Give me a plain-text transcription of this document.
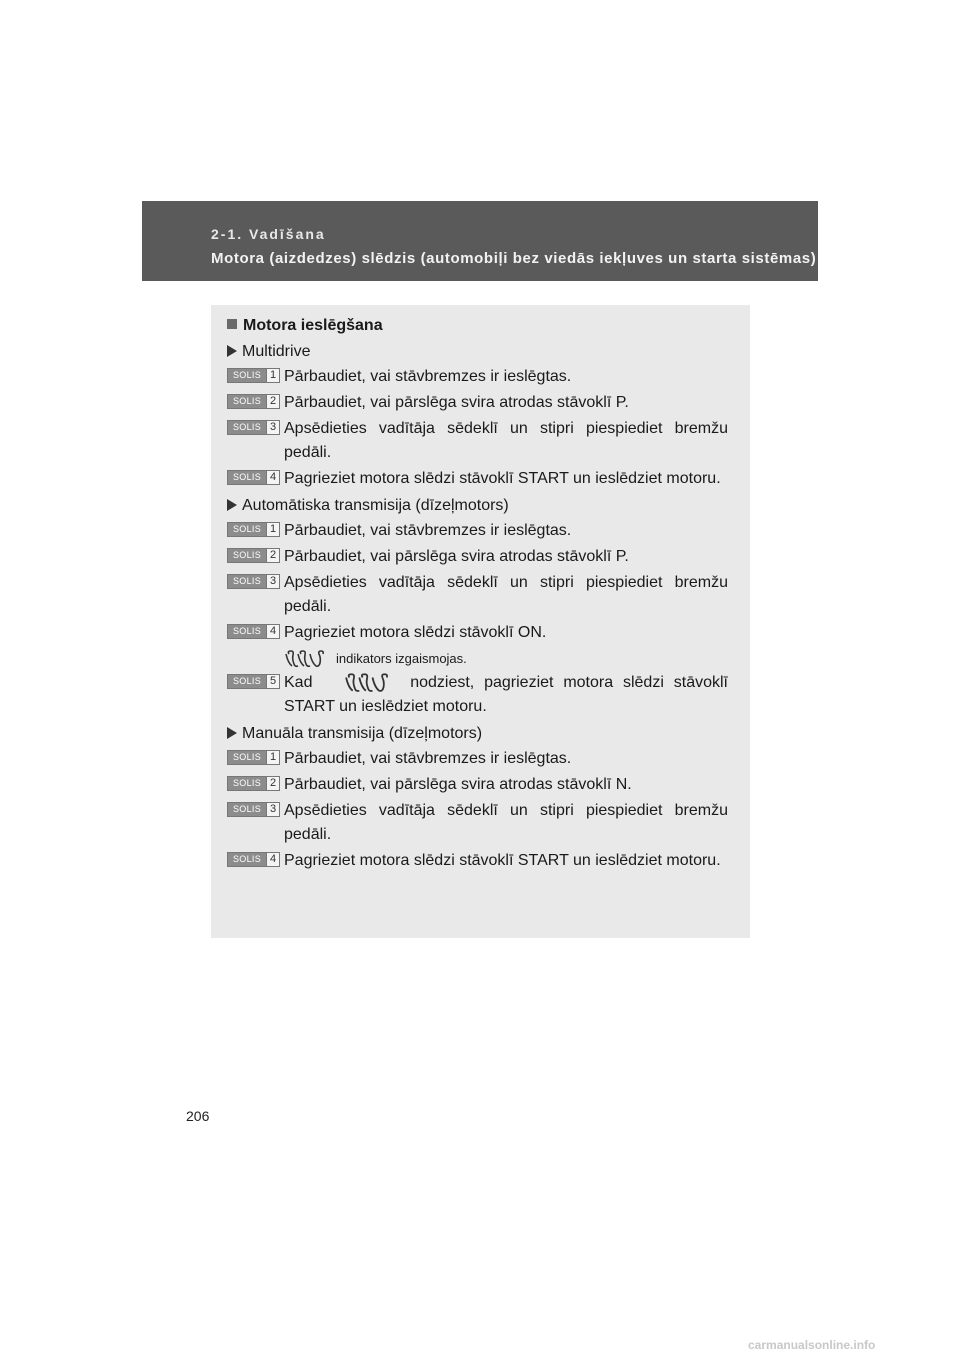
2-1. Vadīšana
Motora (aizdedzes) slēdzis (automobiļi bez viedās iekļuves un starta sistēmas)
Motora ieslēgšana
Multidrive
SOLIS 1 Pārbaudiet, vai stāvbremzes ir ieslēgtas.
SOLIS 2 Pārbaudiet, vai pārslēga svira atrodas stāvoklī P.
SOLIS 3 Apsēdieties vadītāja sēdeklī un stipri piespiediet bremžu pedāli.
SOLIS 4 Pagrieziet motora slēdzi stāvoklī START un ieslēdziet motoru.
Automātiska transmisija (dīzeļmotors)
SOLIS 1 Pārbaudiet, vai stāvbremzes ir ieslēgtas.
SOLIS 2 Pārbaudiet, vai pārslēga svira atrodas stāvoklī P.
SOLIS 3 Apsēdieties vadītāja sēdeklī un stipri piespiediet bremžu pedāli.
SOLIS 4 Pagrieziet motora slēdzi stāvoklī ON.
indikators izgaismojas.
SOLIS 5 Kad	nodziest, pagrieziet motora slēdzi stāvoklī START un ieslēdziet motoru.
Manuāla transmisija (dīzeļmotors)
SOLIS 1 Pārbaudiet, vai stāvbremzes ir ieslēgtas.
SOLIS 2 Pārbaudiet, vai pārslēga svira atrodas stāvoklī N.
SOLIS 3 Apsēdieties vadītāja sēdeklī un stipri piespiediet bremžu pedāli.
SOLIS 4 Pagrieziet motora slēdzi stāvoklī START un ieslēdziet motoru.
206
carmanualsonline.info
